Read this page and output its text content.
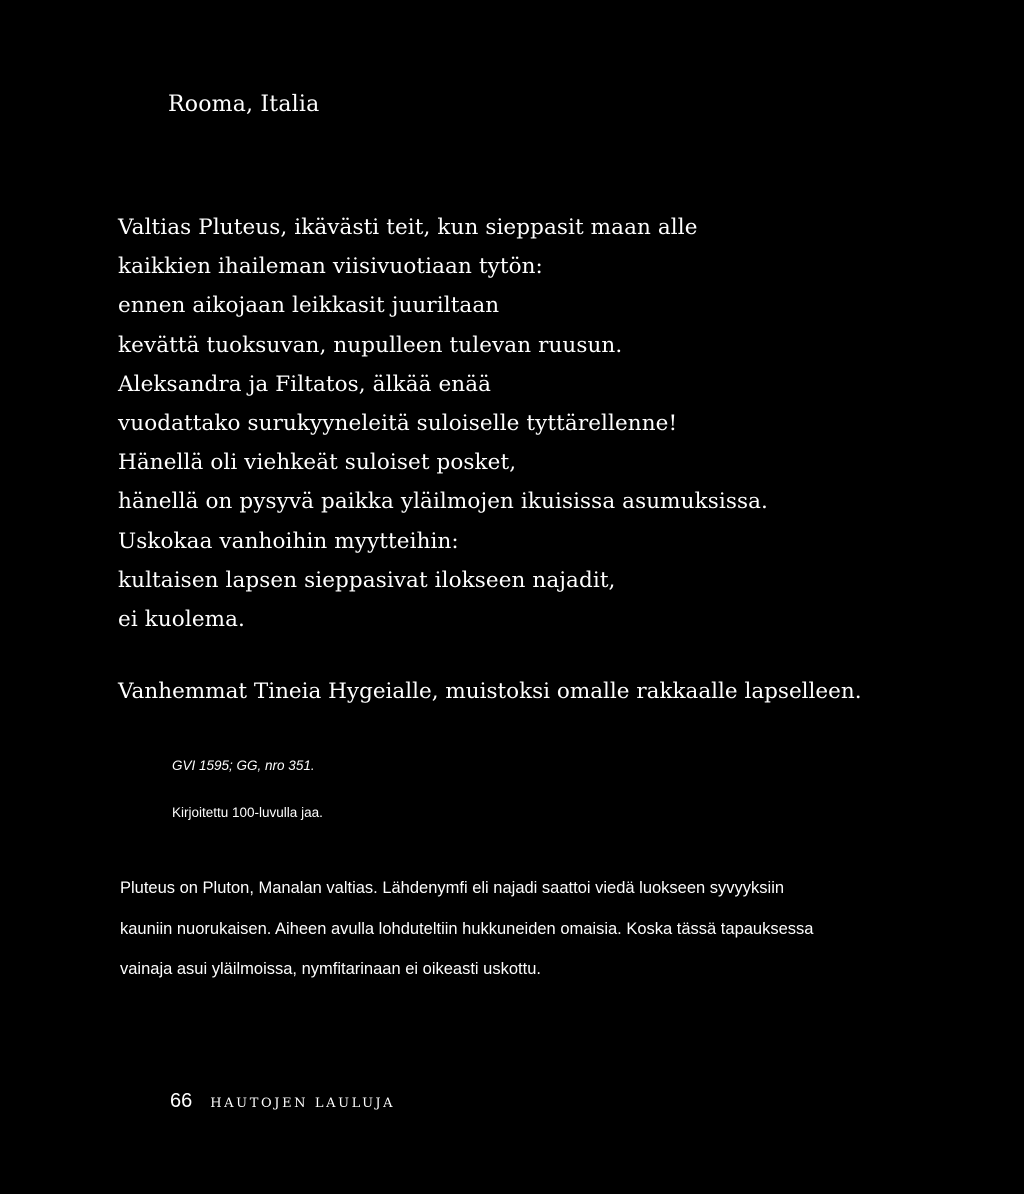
Rooma, Italia
Valtias Pluteus, ikävästi teit, kun sieppasit maan alle
kaikkien ihaileman viisivuotiaan tytön:
ennen aikojaan leikkasit juuriltaan
kevättä tuoksuvan, nupulleen tulevan ruusun.
Aleksandra ja Filtatos, älkää enää
vuodattako surukyyneleitä suloiselle tyttärellenne!
Hänellä oli viehkeät suloiset posket,
hänellä on pysyvä paikka yläilmojen ikuisissa asumuksissa.
Uskokaa vanhoihin myytteihin:
kultaisen lapsen sieppasivat ilokseen najadit,
ei kuolema.

Vanhemmat Tineia Hygeialle, muistoksi omalle rakkaalle lapselleen.

GVI 1595; GG, nro 351.

Kirjoitettu 100-luvulla jaa.

Pluteus on Pluton, Manalan valtias. Lähdenymfi eli najadi saattoi viedä luokseen syvyyksiin
kauniin nuorukaisen. Aiheen avulla lohduteltiin hukkuneiden omaisia. Koska tässä tapauksessa
vainaja asui yläilmoissa, nymfitarinaan ei oikeasti uskottu.
66 HAUTOJEN LAULUJA
